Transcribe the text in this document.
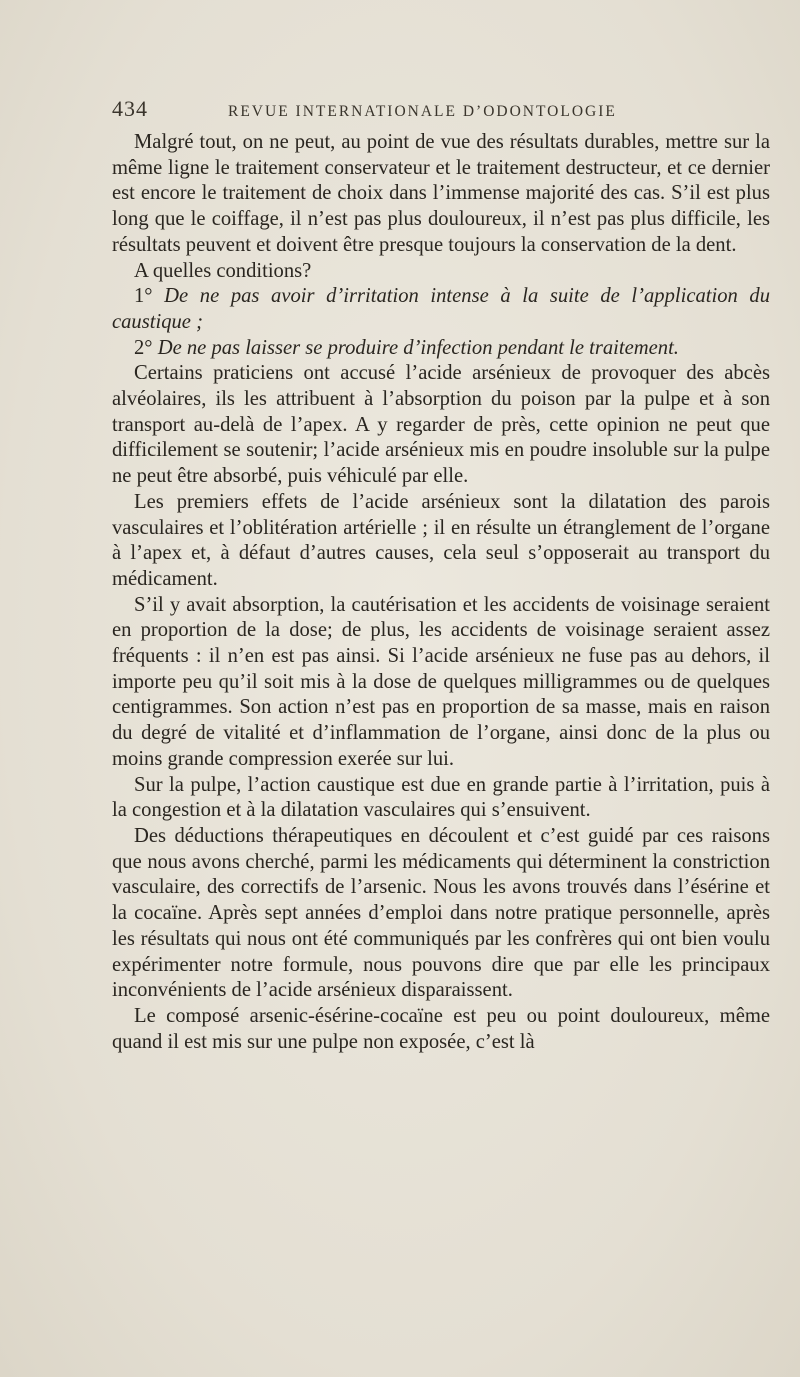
434	REVUE INTERNATIONALE D’ODONTOLOGIE

Malgré tout, on ne peut, au point de vue des résultats durables, mettre sur la même ligne le traitement conservateur et le traitement destructeur, et ce dernier est encore le traitement de choix dans l’immense majorité des cas. S’il est plus long que le coiffage, il n’est pas plus douloureux, il n’est pas plus difficile, les résultats peuvent et doivent être presque toujours la conservation de la dent.

A quelles conditions?

1° De ne pas avoir d’irritation intense à la suite de l’application du caustique ;

2° De ne pas laisser se produire d’infection pendant le traitement.

Certains praticiens ont accusé l’acide arsénieux de provoquer des abcès alvéolaires, ils les attribuent à l’absorption du poison par la pulpe et à son transport au-delà de l’apex. A y regarder de près, cette opinion ne peut que difficilement se soutenir; l’acide arsénieux mis en poudre insoluble sur la pulpe ne peut être absorbé, puis véhiculé par elle.

Les premiers effets de l’acide arsénieux sont la dilatation des parois vasculaires et l’oblitération artérielle ; il en résulte un étranglement de l’organe à l’apex et, à défaut d’autres causes, cela seul s’opposerait au transport du médicament.

S’il y avait absorption, la cautérisation et les accidents de voisinage seraient en proportion de la dose; de plus, les accidents de voisinage seraient assez fréquents : il n’en est pas ainsi. Si l’acide arsénieux ne fuse pas au dehors, il importe peu qu’il soit mis à la dose de quelques milligrammes ou de quelques centigrammes. Son action n’est pas en proportion de sa masse, mais en raison du degré de vitalité et d’inflammation de l’organe, ainsi donc de la plus ou moins grande compression exerée sur lui.

Sur la pulpe, l’action caustique est due en grande partie à l’irritation, puis à la congestion et à la dilatation vasculaires qui s’ensuivent.

Des déductions thérapeutiques en découlent et c’est guidé par ces raisons que nous avons cherché, parmi les médicaments qui déterminent la constriction vasculaire, des correctifs de l’arsenic. Nous les avons trouvés dans l’ésérine et la cocaïne. Après sept années d’emploi dans notre pratique personnelle, après les résultats qui nous ont été communiqués par les confrères qui ont bien voulu expérimenter notre formule, nous pouvons dire que par elle les principaux inconvénients de l’acide arsénieux disparaissent.

Le composé arsenic-ésérine-cocaïne est peu ou point douloureux, même quand il est mis sur une pulpe non exposée, c’est là
